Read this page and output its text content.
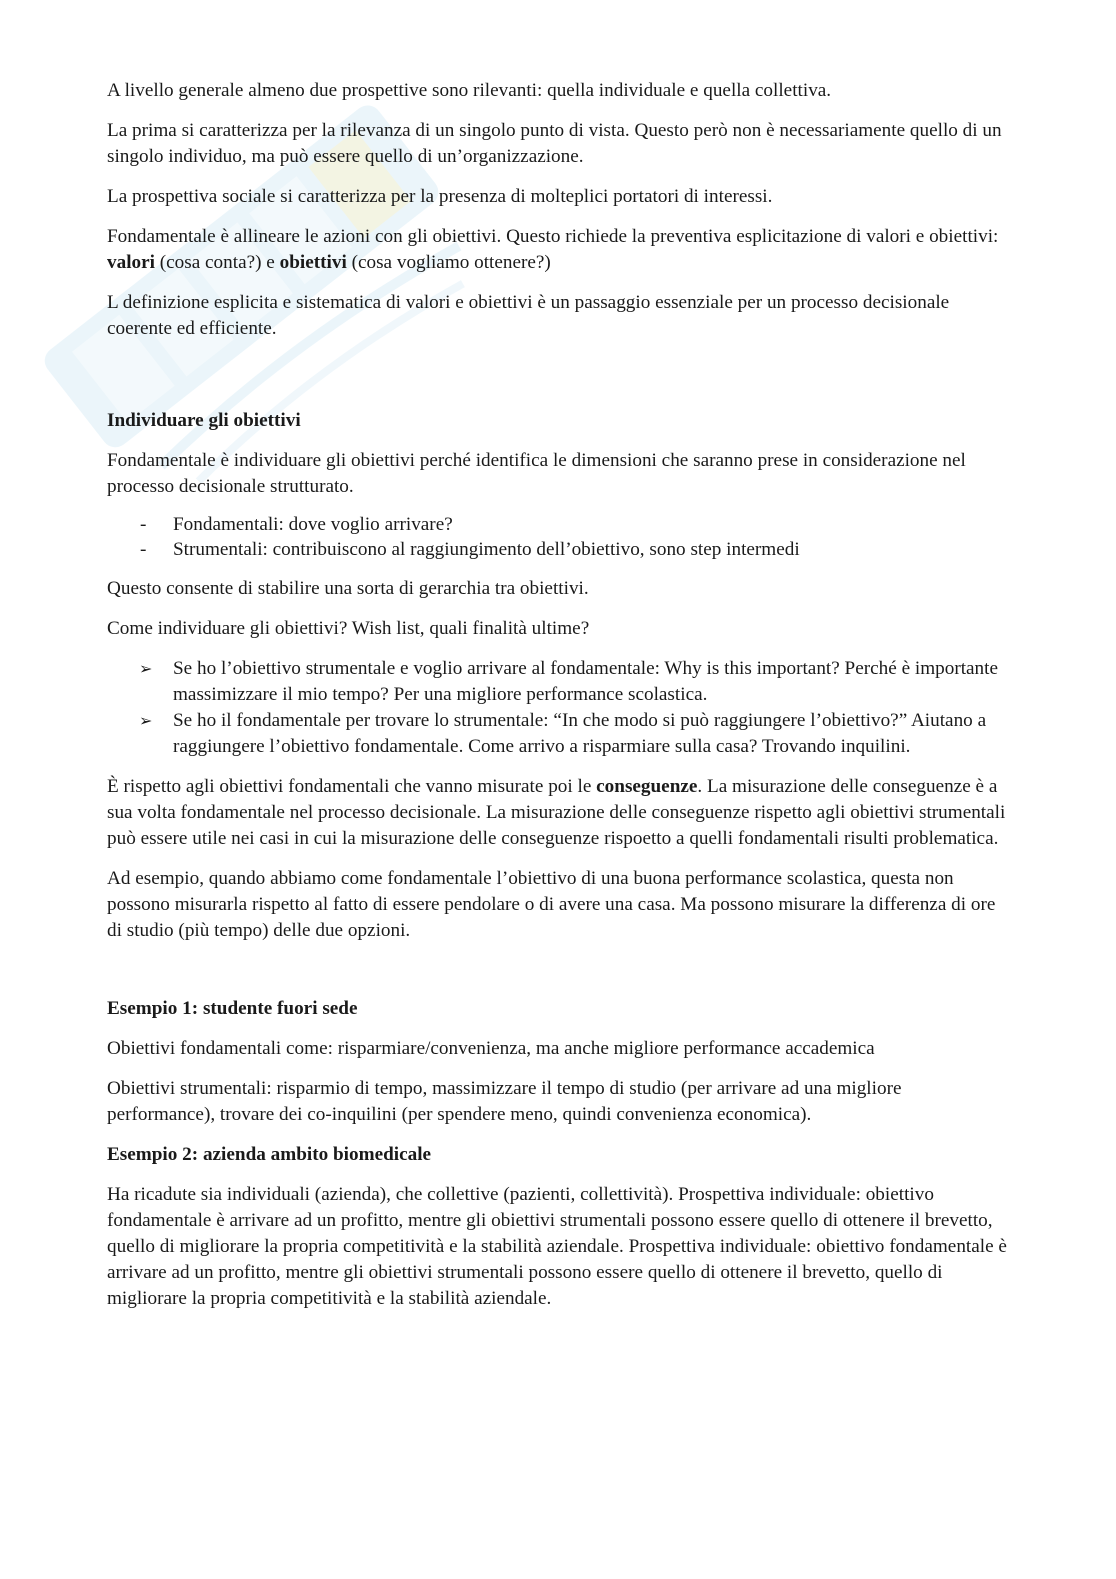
A livello generale almeno due prospettive sono rilevanti: quella individuale e quella collettiva.

La prima si caratterizza per la rilevanza di un singolo punto di vista. Questo però non è necessariamente quello di un singolo individuo, ma può essere quello di un’organizzazione.

La prospettiva sociale si caratterizza per la presenza di molteplici portatori di interessi.

Fondamentale è allineare le azioni con gli obiettivi. Questo richiede la preventiva esplicitazione di valori e obiettivi: valori (cosa conta?) e obiettivi (cosa vogliamo ottenere?)

L definizione esplicita e sistematica di valori e obiettivi è un passaggio essenziale per un processo decisionale coerente ed efficiente.

Individuare gli obiettivi

Fondamentale è individuare gli obiettivi perché identifica le dimensioni che saranno prese in considerazione nel processo decisionale strutturato.

- Fondamentali: dove voglio arrivare?
- Strumentali: contribuiscono al raggiungimento dell’obiettivo, sono step intermedi

Questo consente di stabilire una sorta di gerarchia tra obiettivi.

Come individuare gli obiettivi? Wish list, quali finalità ultime?

➢ Se ho l’obiettivo strumentale e voglio arrivare al fondamentale: Why is this important? Perché è importante massimizzare il mio tempo? Per una migliore performance scolastica.
➢ Se ho il fondamentale per trovare lo strumentale: “In che modo si può raggiungere l’obiettivo?” Aiutano a raggiungere l’obiettivo fondamentale. Come arrivo a risparmiare sulla casa? Trovando inquilini.

È rispetto agli obiettivi fondamentali che vanno misurate poi le conseguenze. La misurazione delle conseguenze è a sua volta fondamentale nel processo decisionale. La misurazione delle conseguenze rispetto agli obiettivi strumentali può essere utile nei casi in cui la misurazione delle conseguenze rispoetto a quelli fondamentali risulti problematica.

Ad esempio, quando abbiamo come fondamentale l’obiettivo di una buona performance scolastica, questa non possono misurarla rispetto al fatto di essere pendolare o di avere una casa. Ma possono misurare la differenza di ore di studio (più tempo) delle due opzioni.

Esempio 1: studente fuori sede

Obiettivi fondamentali come: risparmiare/convenienza, ma anche migliore performance accademica

Obiettivi strumentali: risparmio di tempo, massimizzare il tempo di studio (per arrivare ad una migliore performance), trovare dei co-inquilini (per spendere meno, quindi convenienza economica).

Esempio 2: azienda ambito biomedicale

Ha ricadute sia individuali (azienda), che collettive (pazienti, collettività). Prospettiva individuale: obiettivo fondamentale è arrivare ad un profitto, mentre gli obiettivi strumentali possono essere quello di ottenere il brevetto, quello di migliorare la propria competitività e la stabilità aziendale. Prospettiva individuale: obiettivo fondamentale è arrivare ad un profitto, mentre gli obiettivi strumentali possono essere quello di ottenere il brevetto, quello di migliorare la propria competitività e la stabilità aziendale.
